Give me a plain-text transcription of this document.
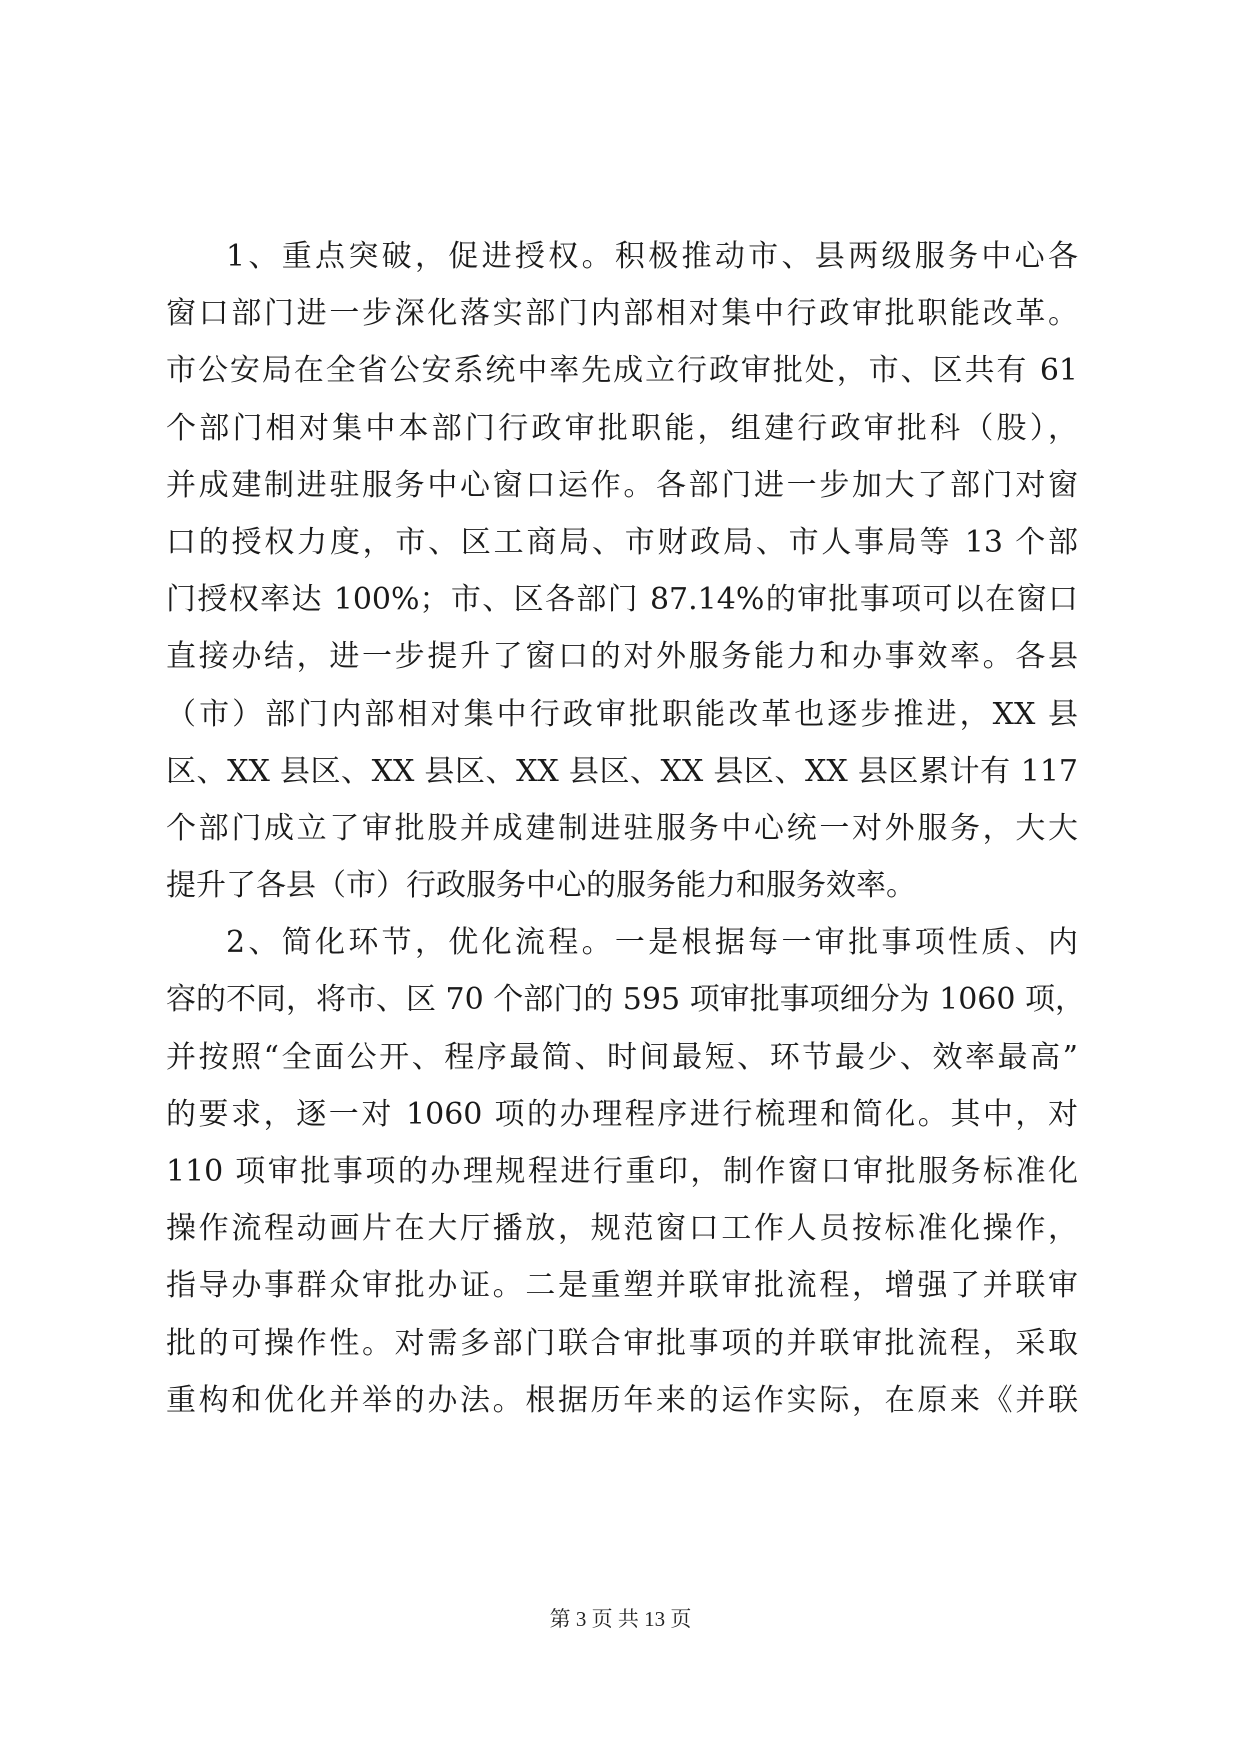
1、重点突破，促进授权。积极推动市、县两级服务中心各
窗口部门进一步深化落实部门内部相对集中行政审批职能改革。
市公安局在全省公安系统中率先成立行政审批处，市、区共有 61
个部门相对集中本部门行政审批职能，组建行政审批科（股），
并成建制进驻服务中心窗口运作。各部门进一步加大了部门对窗
口的授权力度，市、区工商局、市财政局、市人事局等 13 个部
门授权率达 100%；市、区各部门 87.14%的审批事项可以在窗口
直接办结，进一步提升了窗口的对外服务能力和办事效率。各县
（市）部门内部相对集中行政审批职能改革也逐步推进，XX 县
区、XX 县区、XX 县区、XX 县区、XX 县区、XX 县区累计有 117
个部门成立了审批股并成建制进驻服务中心统一对外服务，大大
提升了各县（市）行政服务中心的服务能力和服务效率。
2、简化环节，优化流程。一是根据每一审批事项性质、内
容的不同，将市、区 70 个部门的 595 项审批事项细分为 1060 项，
并按照“全面公开、程序最简、时间最短、环节最少、效率最高”
的要求，逐一对 1060 项的办理程序进行梳理和简化。其中，对
110 项审批事项的办理规程进行重印，制作窗口审批服务标准化
操作流程动画片在大厅播放，规范窗口工作人员按标准化操作，
指导办事群众审批办证。二是重塑并联审批流程，增强了并联审
批的可操作性。对需多部门联合审批事项的并联审批流程，采取
重构和优化并举的办法。根据历年来的运作实际，在原来《并联
第 3 页 共 13 页
